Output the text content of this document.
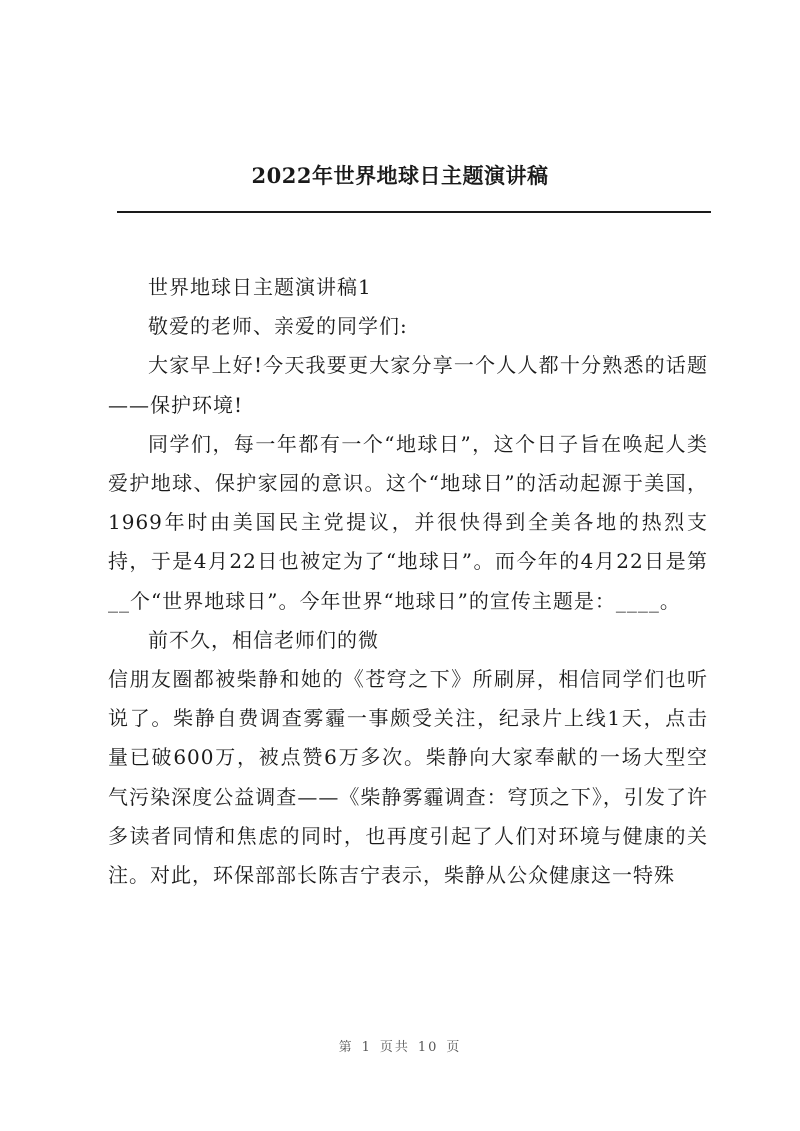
2022年世界地球日主题演讲稿

世界地球日主题演讲稿1

敬爱的老师、亲爱的同学们:

大家早上好!今天我要更大家分享一个人人都十分熟悉的话题——保护环境!

同学们，每一年都有一个“地球日”，这个日子旨在唤起人类爱护地球、保护家园的意识。这个“地球日”的活动起源于美国，1969年时由美国民主党提议，并很快得到全美各地的热烈支持，于是4月22日也被定为了“地球日”。而今年的4月22日是第__个“世界地球日”。今年世界“地球日”的宣传主题是：____。

前不久，相信老师们的微

信朋友圈都被柴静和她的《苍穹之下》所刷屏，相信同学们也听说了。柴静自费调查雾霾一事颇受关注，纪录片上线1天，点击量已破600万，被点赞6万多次。柴静向大家奉献的一场大型空气污染深度公益调查——《柴静雾霾调查：穹顶之下》，引发了许多读者同情和焦虑的同时，也再度引起了人们对环境与健康的关注。对此，环保部部长陈吉宁表示，柴静从公众健康这一特殊

第 1 页共 10 页
